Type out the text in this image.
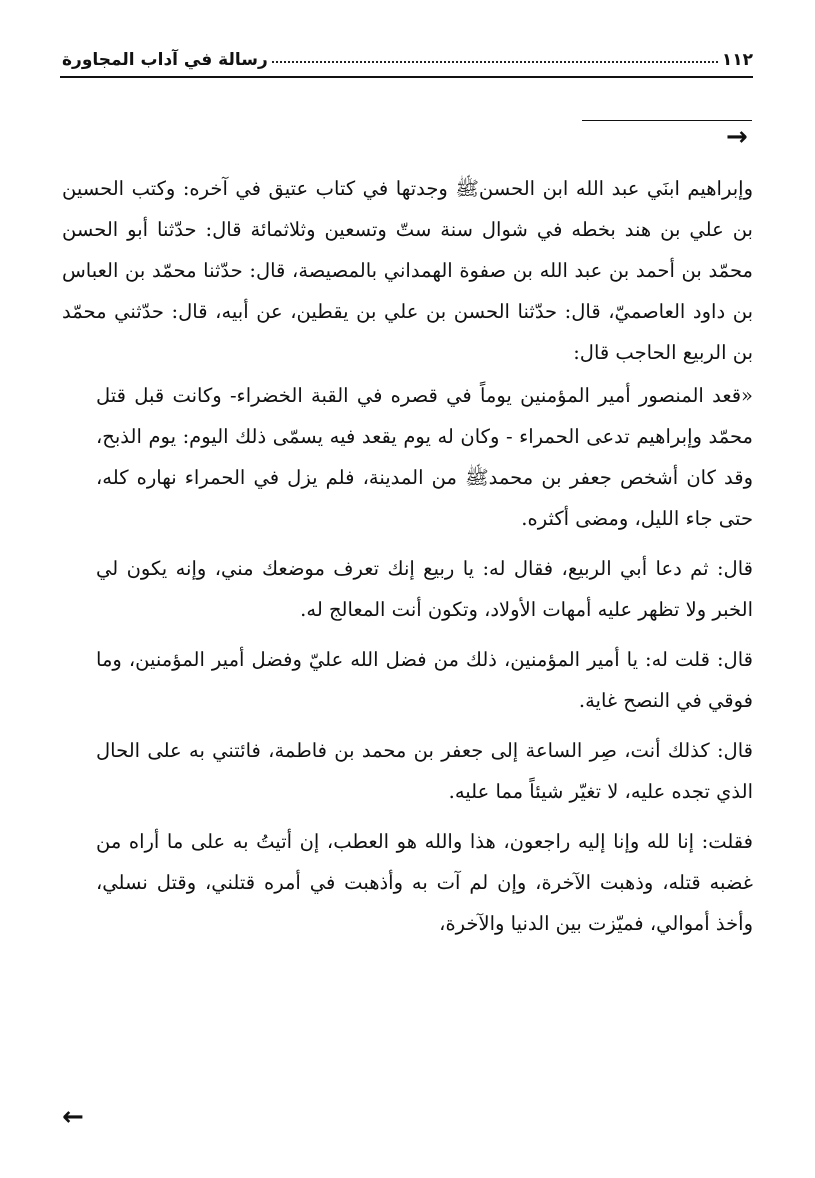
١١٢
رسالة في آداب المجاورة
→

وإبراهيم ابنَي عبد الله ابن الحسنﷺ وجدتها في كتاب عتيق في آخره: وكتب الحسين بن علي بن هند بخطه في شوال سنة ستّ وتسعين وثلاثمائة قال: حدّثنا أبو الحسن محمّد بن أحمد بن عبد الله بن صفوة الهمداني بالمصيصة، قال: حدّثنا محمّد بن العباس بن داود العاصميّ، قال: حدّثنا الحسن بن علي بن يقطين، عن أبيه، قال: حدّثني محمّد بن الربيع الحاجب قال:

«قعد المنصور أمير المؤمنين يوماً في قصره في القبة الخضراء- وكانت قبل قتل محمّد وإبراهيم تدعى الحمراء - وكان له يوم يقعد فيه يسمّى ذلك اليوم: يوم الذبح، وقد كان أشخص جعفر بن محمدﷺ من المدينة، فلم يزل في الحمراء نهاره كله، حتى جاء الليل، ومضى أكثره.

قال: ثم دعا أبي الربيع، فقال له: يا ربيع إنك تعرف موضعك مني، وإنه يكون لي الخبر ولا تظهر عليه أمهات الأولاد، وتكون أنت المعالج له.

قال: قلت له: يا أمير المؤمنين، ذلك من فضل الله عليّ وفضل أمير المؤمنين، وما فوقي في النصح غاية.

قال: كذلك أنت، صِر الساعة إلى جعفر بن محمد بن فاطمة، فائتني به على الحال الذي تجده عليه، لا تغيّر شيئاً مما عليه.

فقلت: إنا لله وإنا إليه راجعون، هذا والله هو العطب، إن أتيتُ به على ما أراه من غضبه قتله، وذهبت الآخرة، وإن لم آت به وأذهبت في أمره قتلني، وقتل نسلي، وأخذ أموالي، فميّزت بين الدنيا والآخرة،

←
